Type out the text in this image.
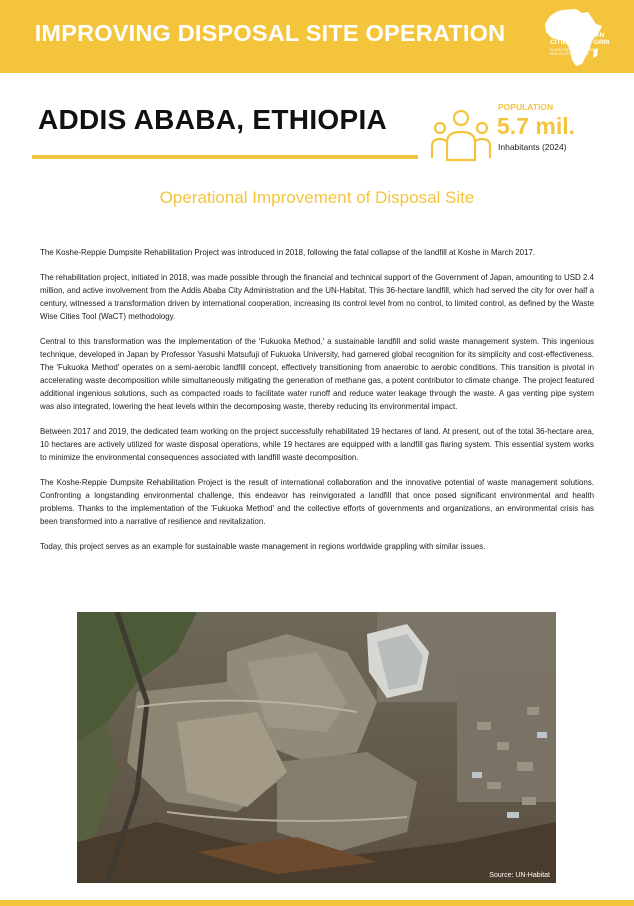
IMPROVING DISPOSAL SITE OPERATION	AFRICAN CLEAN
CITIES PLATFORM
PLATE-FORME AFRICAINE
DES VILLES PROPRES
ADDIS ABABA, ETHIOPIA	POPULATION
5.7 mil.
Inhabitants (2024)
Operational Improvement of Disposal Site

The Koshe-Reppie Dumpsite Rehabilitation Project was introduced in 2018, following the fatal collapse of the landfill at Koshe in March 2017.

The rehabilitation project, initiated in 2018, was made possible through the financial and technical support of the Government of Japan, amounting to USD 2.4 million, and active involvement from the Addis Ababa City Administration and the UN-Habitat. This 36-hectare landfill, which had served the city for over half a century, witnessed a transformation driven by international cooperation, increasing its control level from no control, to limited control, as defined by the Waste Wise Cities Tool (WaCT) methodology.

Central to this transformation was the implementation of the 'Fukuoka Method,' a sustainable landfill and solid waste management system. This ingenious technique, developed in Japan by Professor Yasushi Matsufuji of Fukuoka University, had garnered global recognition for its simplicity and cost-effectiveness. The 'Fukuoka Method' operates on a semi-aerobic landfill concept, effectively transitioning from anaerobic to aerobic conditions. This transition is pivotal in accelerating waste decomposition while simultaneously mitigating the generation of methane gas, a potent contributor to climate change. The project featured additional ingenious solutions, such as compacted roads to facilitate water runoff and reduce water leakage through the waste. A gas venting pipe system was also integrated, lowering the heat levels within the decomposing waste, thereby reducing its environmental impact.

Between 2017 and 2019, the dedicated team working on the project successfully rehabilitated 19 hectares of land. At present, out of the total 36-hectare area, 10 hectares are actively utilized for waste disposal operations, while 19 hectares are equipped with a landfill gas flaring system. This essential system works to minimize the environmental consequences associated with landfill waste decomposition.

The Koshe-Reppie Dumpsite Rehabilitation Project is the result of international collaboration and the innovative potential of waste management solutions. Confronting a longstanding environmental challenge, this endeavor has reinvigorated a landfill that once posed significant environmental and health problems. Thanks to the implementation of the 'Fukuoka Method' and the collective efforts of governments and organizations, an environmental crisis has been transformed into a narrative of resilience and revitalization.

Today, this project serves as an example for sustainable waste management in regions worldwide grappling with similar issues.

Source: UN-Habitat
